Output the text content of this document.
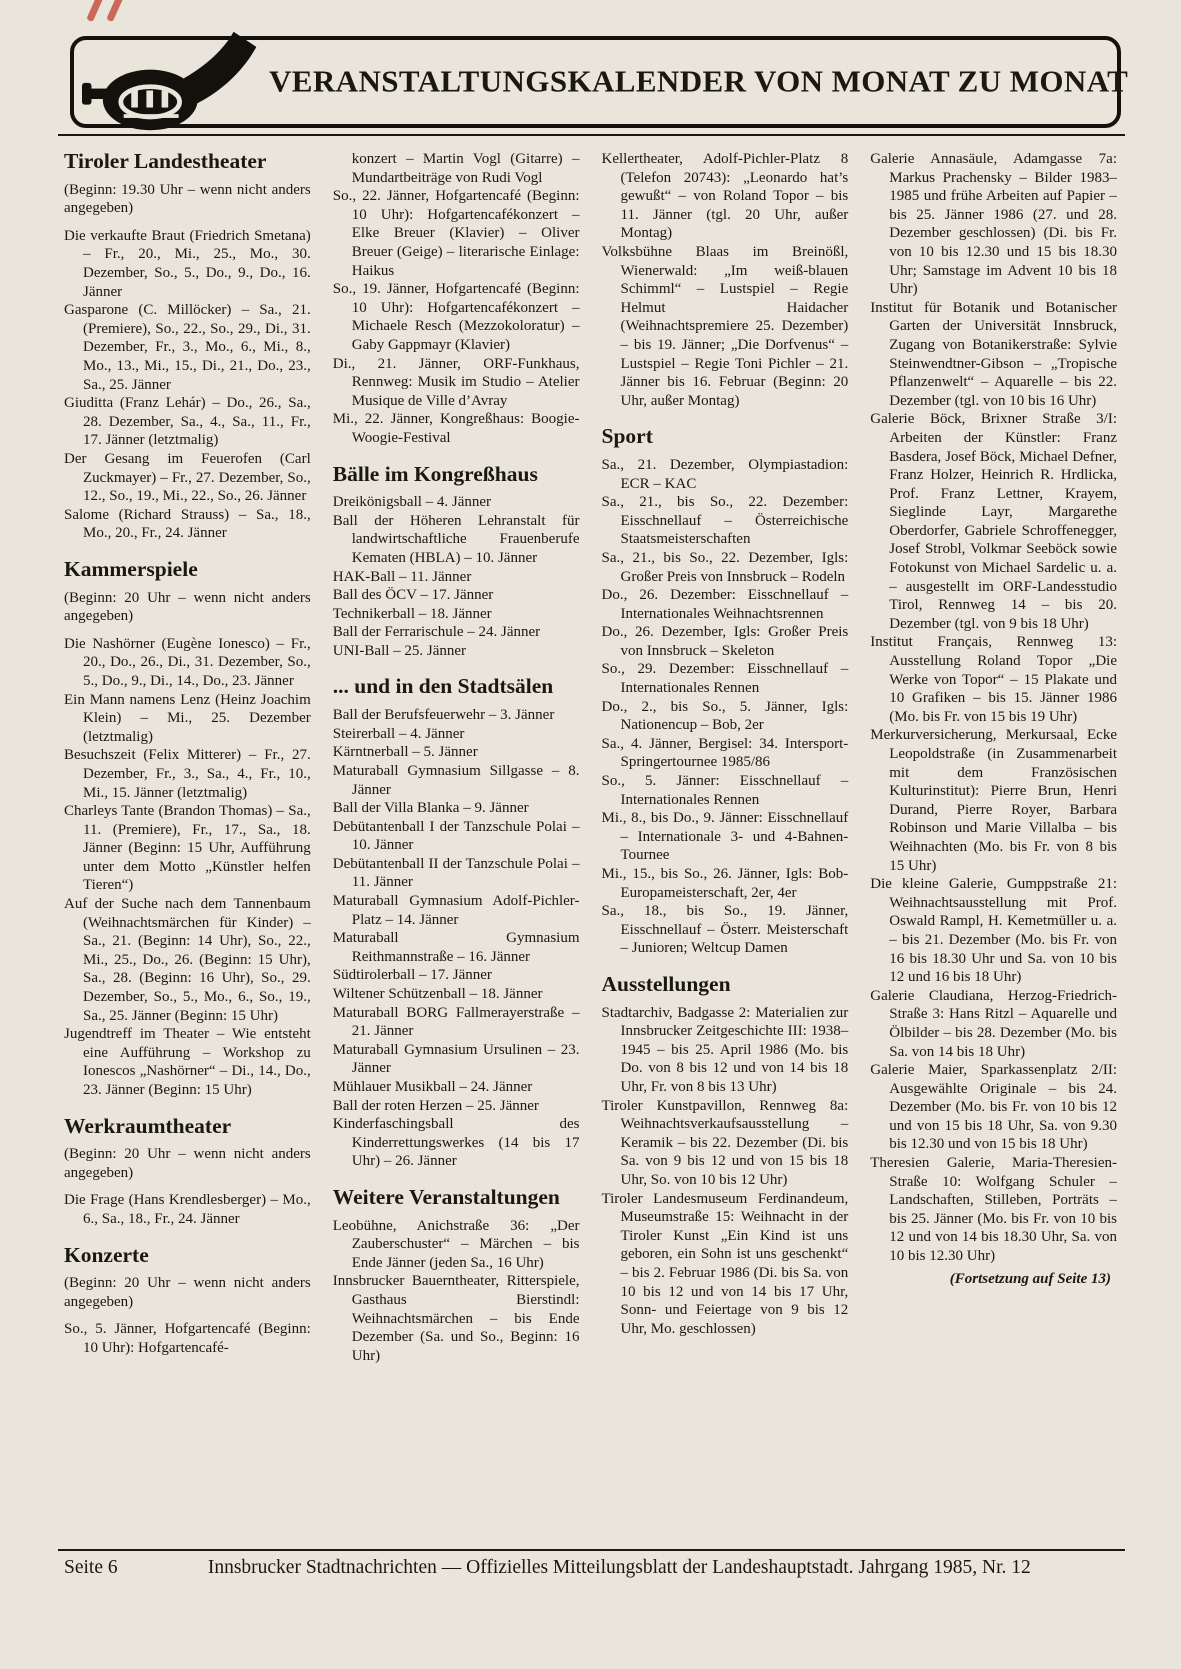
VERANSTALTUNGSKALENDER VON MONAT ZU MONAT
Tiroler Landestheater

(Beginn: 19.30 Uhr – wenn nicht anders angegeben)

Die verkaufte Braut (Friedrich Smetana) – Fr., 20., Mi., 25., Mo., 30. Dezember, So., 5., Do., 9., Do., 16. Jänner

Gasparone (C. Millöcker) – Sa., 21. (Premiere), So., 22., So., 29., Di., 31. Dezember, Fr., 3., Mo., 6., Mi., 8., Mo., 13., Mi., 15., Di., 21., Do., 23., Sa., 25. Jänner

Giuditta (Franz Lehár) – Do., 26., Sa., 28. Dezember, Sa., 4., Sa., 11., Fr., 17. Jänner (letztmalig)

Der Gesang im Feuerofen (Carl Zuckmayer) – Fr., 27. Dezember, So., 12., So., 19., Mi., 22., So., 26. Jänner

Salome (Richard Strauss) – Sa., 18., Mo., 20., Fr., 24. Jänner

Kammerspiele

(Beginn: 20 Uhr – wenn nicht anders angegeben)

Die Nashörner (Eugène Ionesco) – Fr., 20., Do., 26., Di., 31. Dezember, So., 5., Do., 9., Di., 14., Do., 23. Jänner

Ein Mann namens Lenz (Heinz Joachim Klein) – Mi., 25. Dezember (letztmalig)

Besuchszeit (Felix Mitterer) – Fr., 27. Dezember, Fr., 3., Sa., 4., Fr., 10., Mi., 15. Jänner (letztmalig)

Charleys Tante (Brandon Thomas) – Sa., 11. (Premiere), Fr., 17., Sa., 18. Jänner (Beginn: 15 Uhr, Aufführung unter dem Motto „Künstler helfen Tieren“)

Auf der Suche nach dem Tannenbaum (Weihnachtsmärchen für Kinder) – Sa., 21. (Beginn: 14 Uhr), So., 22., Mi., 25., Do., 26. (Beginn: 15 Uhr), Sa., 28. (Beginn: 16 Uhr), So., 29. Dezember, So., 5., Mo., 6., So., 19., Sa., 25. Jänner (Beginn: 15 Uhr)

Jugendtreff im Theater – Wie entsteht eine Aufführung – Workshop zu Ionescos „Nashörner“ – Di., 14., Do., 23. Jänner (Beginn: 15 Uhr)

Werkraumtheater

(Beginn: 20 Uhr – wenn nicht anders angegeben)

Die Frage (Hans Krendlesberger) – Mo., 6., Sa., 18., Fr., 24. Jänner

Konzerte

(Beginn: 20 Uhr – wenn nicht anders angegeben)

So., 5. Jänner, Hofgartencafé (Beginn: 10 Uhr): Hofgartencafé-

konzert – Martin Vogl (Gitarre) – Mundartbeiträge von Rudi Vogl

So., 22. Jänner, Hofgartencafé (Beginn: 10 Uhr): Hofgartencafékonzert – Elke Breuer (Klavier) – Oliver Breuer (Geige) – literarische Einlage: Haikus

So., 19. Jänner, Hofgartencafé (Beginn: 10 Uhr): Hofgartencafékonzert – Michaele Resch (Mezzokoloratur) – Gaby Gappmayr (Klavier)

Di., 21. Jänner, ORF-Funkhaus, Rennweg: Musik im Studio – Atelier Musique de Ville d’Avray

Mi., 22. Jänner, Kongreßhaus: Boogie-Woogie-Festival

Bälle im Kongreßhaus

Dreikönigsball – 4. Jänner

Ball der Höheren Lehranstalt für landwirtschaftliche Frauenberufe Kematen (HBLA) – 10. Jänner

HAK-Ball – 11. Jänner

Ball des ÖCV – 17. Jänner

Technikerball – 18. Jänner

Ball der Ferrarischule – 24. Jänner

UNI-Ball – 25. Jänner

... und in den Stadtsälen

Ball der Berufsfeuerwehr – 3. Jänner

Steirerball – 4. Jänner

Kärntnerball – 5. Jänner

Maturaball Gymnasium Sillgasse – 8. Jänner

Ball der Villa Blanka – 9. Jänner

Debütantenball I der Tanzschule Polai – 10. Jänner

Debütantenball II der Tanzschule Polai – 11. Jänner

Maturaball Gymnasium Adolf-Pichler-Platz – 14. Jänner

Maturaball Gymnasium Reithmannstraße – 16. Jänner

Südtirolerball – 17. Jänner

Wiltener Schützenball – 18. Jänner

Maturaball BORG Fallmerayerstraße – 21. Jänner

Maturaball Gymnasium Ursulinen – 23. Jänner

Mühlauer Musikball – 24. Jänner

Ball der roten Herzen – 25. Jänner

Kinderfaschingsball des Kinderrettungswerkes (14 bis 17 Uhr) – 26. Jänner

Weitere Veranstaltungen

Leobühne, Anichstraße 36: „Der Zauberschuster“ – Märchen – bis Ende Jänner (jeden Sa., 16 Uhr)

Innsbrucker Bauerntheater, Ritterspiele, Gasthaus Bierstindl: Weihnachtsmärchen – bis Ende Dezember (Sa. und So., Beginn: 16 Uhr)

Kellertheater, Adolf-Pichler-Platz 8 (Telefon 20743): „Leonardo hat’s gewußt“ – von Roland Topor – bis 11. Jänner (tgl. 20 Uhr, außer Montag)

Volksbühne Blaas im Breinößl, Wienerwald: „Im weiß-blauen Schimml“ – Lustspiel – Regie Helmut Haidacher (Weihnachtspremiere 25. Dezember) – bis 19. Jänner; „Die Dorfvenus“ – Lustspiel – Regie Toni Pichler – 21. Jänner bis 16. Februar (Beginn: 20 Uhr, außer Montag)

Sport

Sa., 21. Dezember, Olympiastadion: ECR – KAC

Sa., 21., bis So., 22. Dezember: Eisschnellauf – Österreichische Staatsmeisterschaften

Sa., 21., bis So., 22. Dezember, Igls: Großer Preis von Innsbruck – Rodeln

Do., 26. Dezember: Eisschnellauf – Internationales Weihnachtsrennen

Do., 26. Dezember, Igls: Großer Preis von Innsbruck – Skeleton

So., 29. Dezember: Eisschnellauf – Internationales Rennen

Do., 2., bis So., 5. Jänner, Igls: Nationencup – Bob, 2er

Sa., 4. Jänner, Bergisel: 34. Intersport-Springertournee 1985/86

So., 5. Jänner: Eisschnellauf – Internationales Rennen

Mi., 8., bis Do., 9. Jänner: Eisschnellauf – Internationale 3- und 4-Bahnen-Tournee

Mi., 15., bis So., 26. Jänner, Igls: Bob-Europameisterschaft, 2er, 4er

Sa., 18., bis So., 19. Jänner, Eisschnellauf – Österr. Meisterschaft – Junioren; Weltcup Damen

Ausstellungen

Stadtarchiv, Badgasse 2: Materialien zur Innsbrucker Zeitgeschichte III: 1938–1945 – bis 25. April 1986 (Mo. bis Do. von 8 bis 12 und von 14 bis 18 Uhr, Fr. von 8 bis 13 Uhr)

Tiroler Kunstpavillon, Rennweg 8a: Weihnachtsverkaufsausstellung – Keramik – bis 22. Dezember (Di. bis Sa. von 9 bis 12 und von 15 bis 18 Uhr, So. von 10 bis 12 Uhr)

Tiroler Landesmuseum Ferdinandeum, Museumstraße 15: Weihnacht in der Tiroler Kunst „Ein Kind ist uns geboren, ein Sohn ist uns geschenkt“ – bis 2. Februar 1986 (Di. bis Sa. von 10 bis 12 und von 14 bis 17 Uhr, Sonn- und Feiertage von 9 bis 12 Uhr, Mo. geschlossen)

Galerie Annasäule, Adamgasse 7a: Markus Prachensky – Bilder 1983–1985 und frühe Arbeiten auf Papier – bis 25. Jänner 1986 (27. und 28. Dezember geschlossen) (Di. bis Fr. von 10 bis 12.30 und 15 bis 18.30 Uhr; Samstage im Advent 10 bis 18 Uhr)

Institut für Botanik und Botanischer Garten der Universität Innsbruck, Zugang von Botanikerstraße: Sylvie Steinwendtner-Gibson – „Tropische Pflanzenwelt“ – Aquarelle – bis 22. Dezember (tgl. von 10 bis 16 Uhr)

Galerie Böck, Brixner Straße 3/I: Arbeiten der Künstler: Franz Basdera, Josef Böck, Michael Defner, Franz Holzer, Heinrich R. Hrdlicka, Prof. Franz Lettner, Krayem, Sieglinde Layr, Margarethe Oberdorfer, Gabriele Schroffenegger, Josef Strobl, Volkmar Seeböck sowie Fotokunst von Michael Sardelic u. a. – ausgestellt im ORF-Landesstudio Tirol, Rennweg 14 – bis 20. Dezember (tgl. von 9 bis 18 Uhr)

Institut Français, Rennweg 13: Ausstellung Roland Topor „Die Werke von Topor“ – 15 Plakate und 10 Grafiken – bis 15. Jänner 1986 (Mo. bis Fr. von 15 bis 19 Uhr)

Merkurversicherung, Merkursaal, Ecke Leopoldstraße (in Zusammenarbeit mit dem Französischen Kulturinstitut): Pierre Brun, Henri Durand, Pierre Royer, Barbara Robinson und Marie Villalba – bis Weihnachten (Mo. bis Fr. von 8 bis 15 Uhr)

Die kleine Galerie, Gumppstraße 21: Weihnachtsausstellung mit Prof. Oswald Rampl, H. Kemetmüller u. a. – bis 21. Dezember (Mo. bis Fr. von 16 bis 18.30 Uhr und Sa. von 10 bis 12 und 16 bis 18 Uhr)

Galerie Claudiana, Herzog-Friedrich-Straße 3: Hans Ritzl – Aquarelle und Ölbilder – bis 28. Dezember (Mo. bis Sa. von 14 bis 18 Uhr)

Galerie Maier, Sparkassenplatz 2/II: Ausgewählte Originale – bis 24. Dezember (Mo. bis Fr. von 10 bis 12 und von 15 bis 18 Uhr, Sa. von 9.30 bis 12.30 und von 15 bis 18 Uhr)

Theresien Galerie, Maria-Theresien-Straße 10: Wolfgang Schuler – Landschaften, Stilleben, Porträts – bis 25. Jänner (Mo. bis Fr. von 10 bis 12 und von 14 bis 18.30 Uhr, Sa. von 10 bis 12.30 Uhr)

(Fortsetzung auf Seite 13)

Seite 6	Innsbrucker Stadtnachrichten — Offizielles Mitteilungsblatt der Landeshauptstadt. Jahrgang 1985, Nr. 12
